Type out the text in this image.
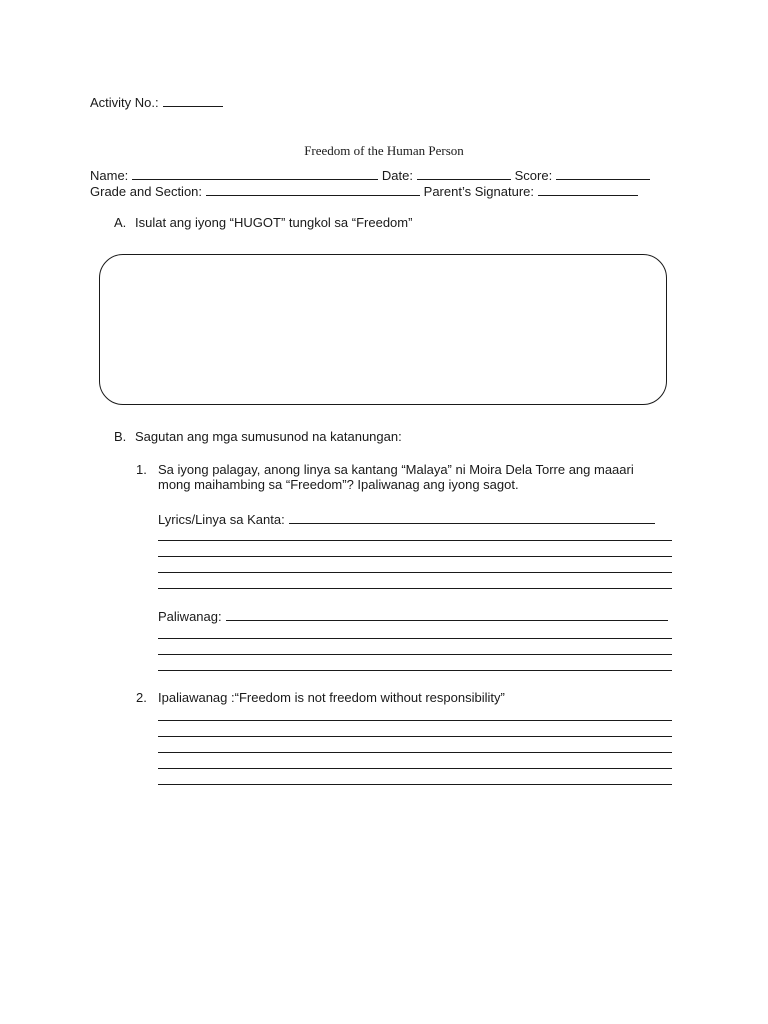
Activity No.:
Freedom of the Human Person
Name:	Date:	Score:
Grade and Section:	Parent’s Signature:
A. Isulat ang iyong “HUGOT” tungkol sa “Freedom”
B. Sagutan ang mga sumusunod na katanungan:
1. Sa iyong palagay, anong linya sa kantang “Malaya” ni Moira Dela Torre ang maaari
mong maihambing sa “Freedom”? Ipaliwanag ang iyong sagot.
Lyrics/Linya sa Kanta:
Paliwanag:
2. Ipaliawanag :“Freedom is not freedom without responsibility”
